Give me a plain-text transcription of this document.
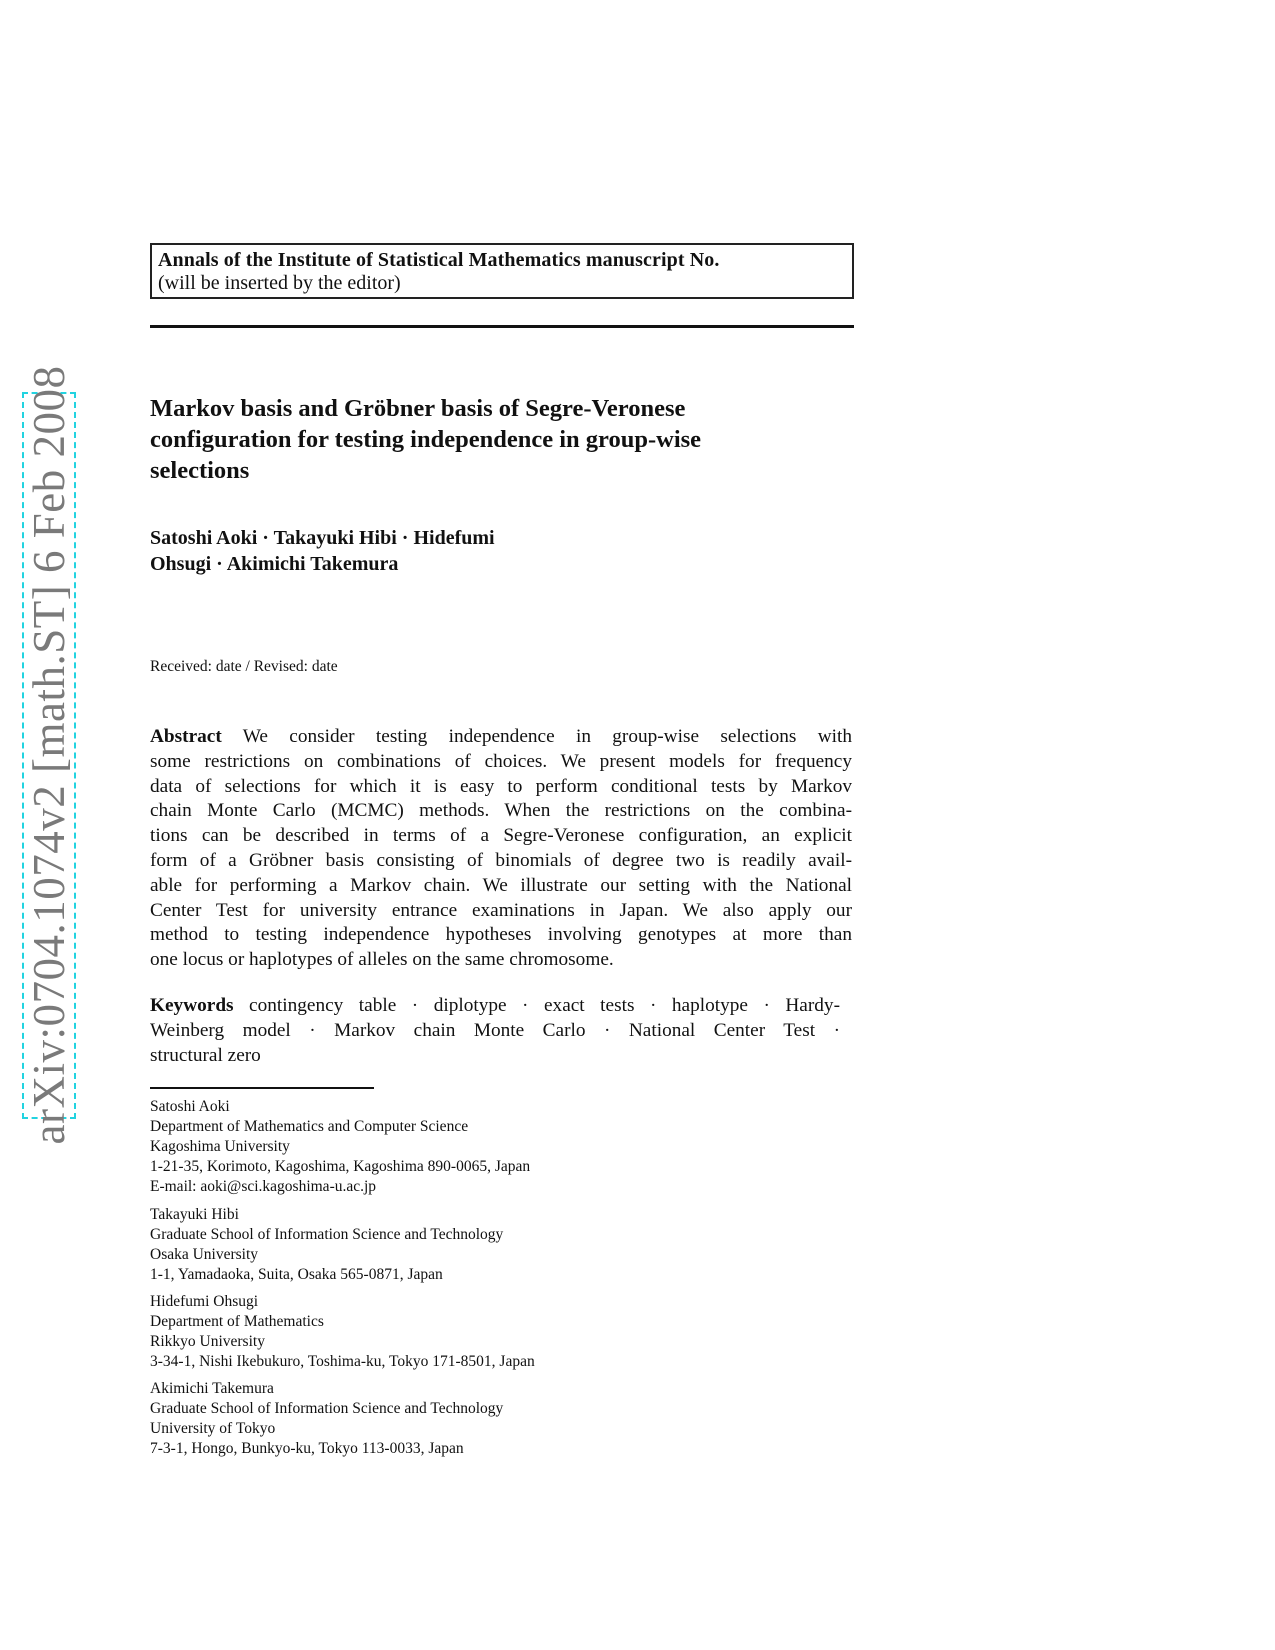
arXiv:0704.1074v2 [math.ST] 6 Feb 2008
Annals of the Institute of Statistical Mathematics manuscript No.
(will be inserted by the editor)
Markov basis and Gröbner basis of Segre-Veronese
configuration for testing independence in group-wise
selections
Satoshi Aoki · Takayuki Hibi · Hidefumi
Ohsugi · Akimichi Takemura
Received: date / Revised: date
Abstract We consider testing independence in group-wise selections with
some restrictions on combinations of choices. We present models for frequency
data of selections for which it is easy to perform conditional tests by Markov
chain Monte Carlo (MCMC) methods. When the restrictions on the combina-
tions can be described in terms of a Segre-Veronese configuration, an explicit
form of a Gröbner basis consisting of binomials of degree two is readily avail-
able for performing a Markov chain. We illustrate our setting with the National
Center Test for university entrance examinations in Japan. We also apply our
method to testing independence hypotheses involving genotypes at more than
one locus or haplotypes of alleles on the same chromosome.
Keywords contingency table · diplotype · exact tests · haplotype · Hardy-
Weinberg model · Markov chain Monte Carlo · National Center Test ·
structural zero
Satoshi Aoki
Department of Mathematics and Computer Science
Kagoshima University
1-21-35, Korimoto, Kagoshima, Kagoshima 890-0065, Japan
E-mail: aoki@sci.kagoshima-u.ac.jp
Takayuki Hibi
Graduate School of Information Science and Technology
Osaka University
1-1, Yamadaoka, Suita, Osaka 565-0871, Japan
Hidefumi Ohsugi
Department of Mathematics
Rikkyo University
3-34-1, Nishi Ikebukuro, Toshima-ku, Tokyo 171-8501, Japan
Akimichi Takemura
Graduate School of Information Science and Technology
University of Tokyo
7-3-1, Hongo, Bunkyo-ku, Tokyo 113-0033, Japan
